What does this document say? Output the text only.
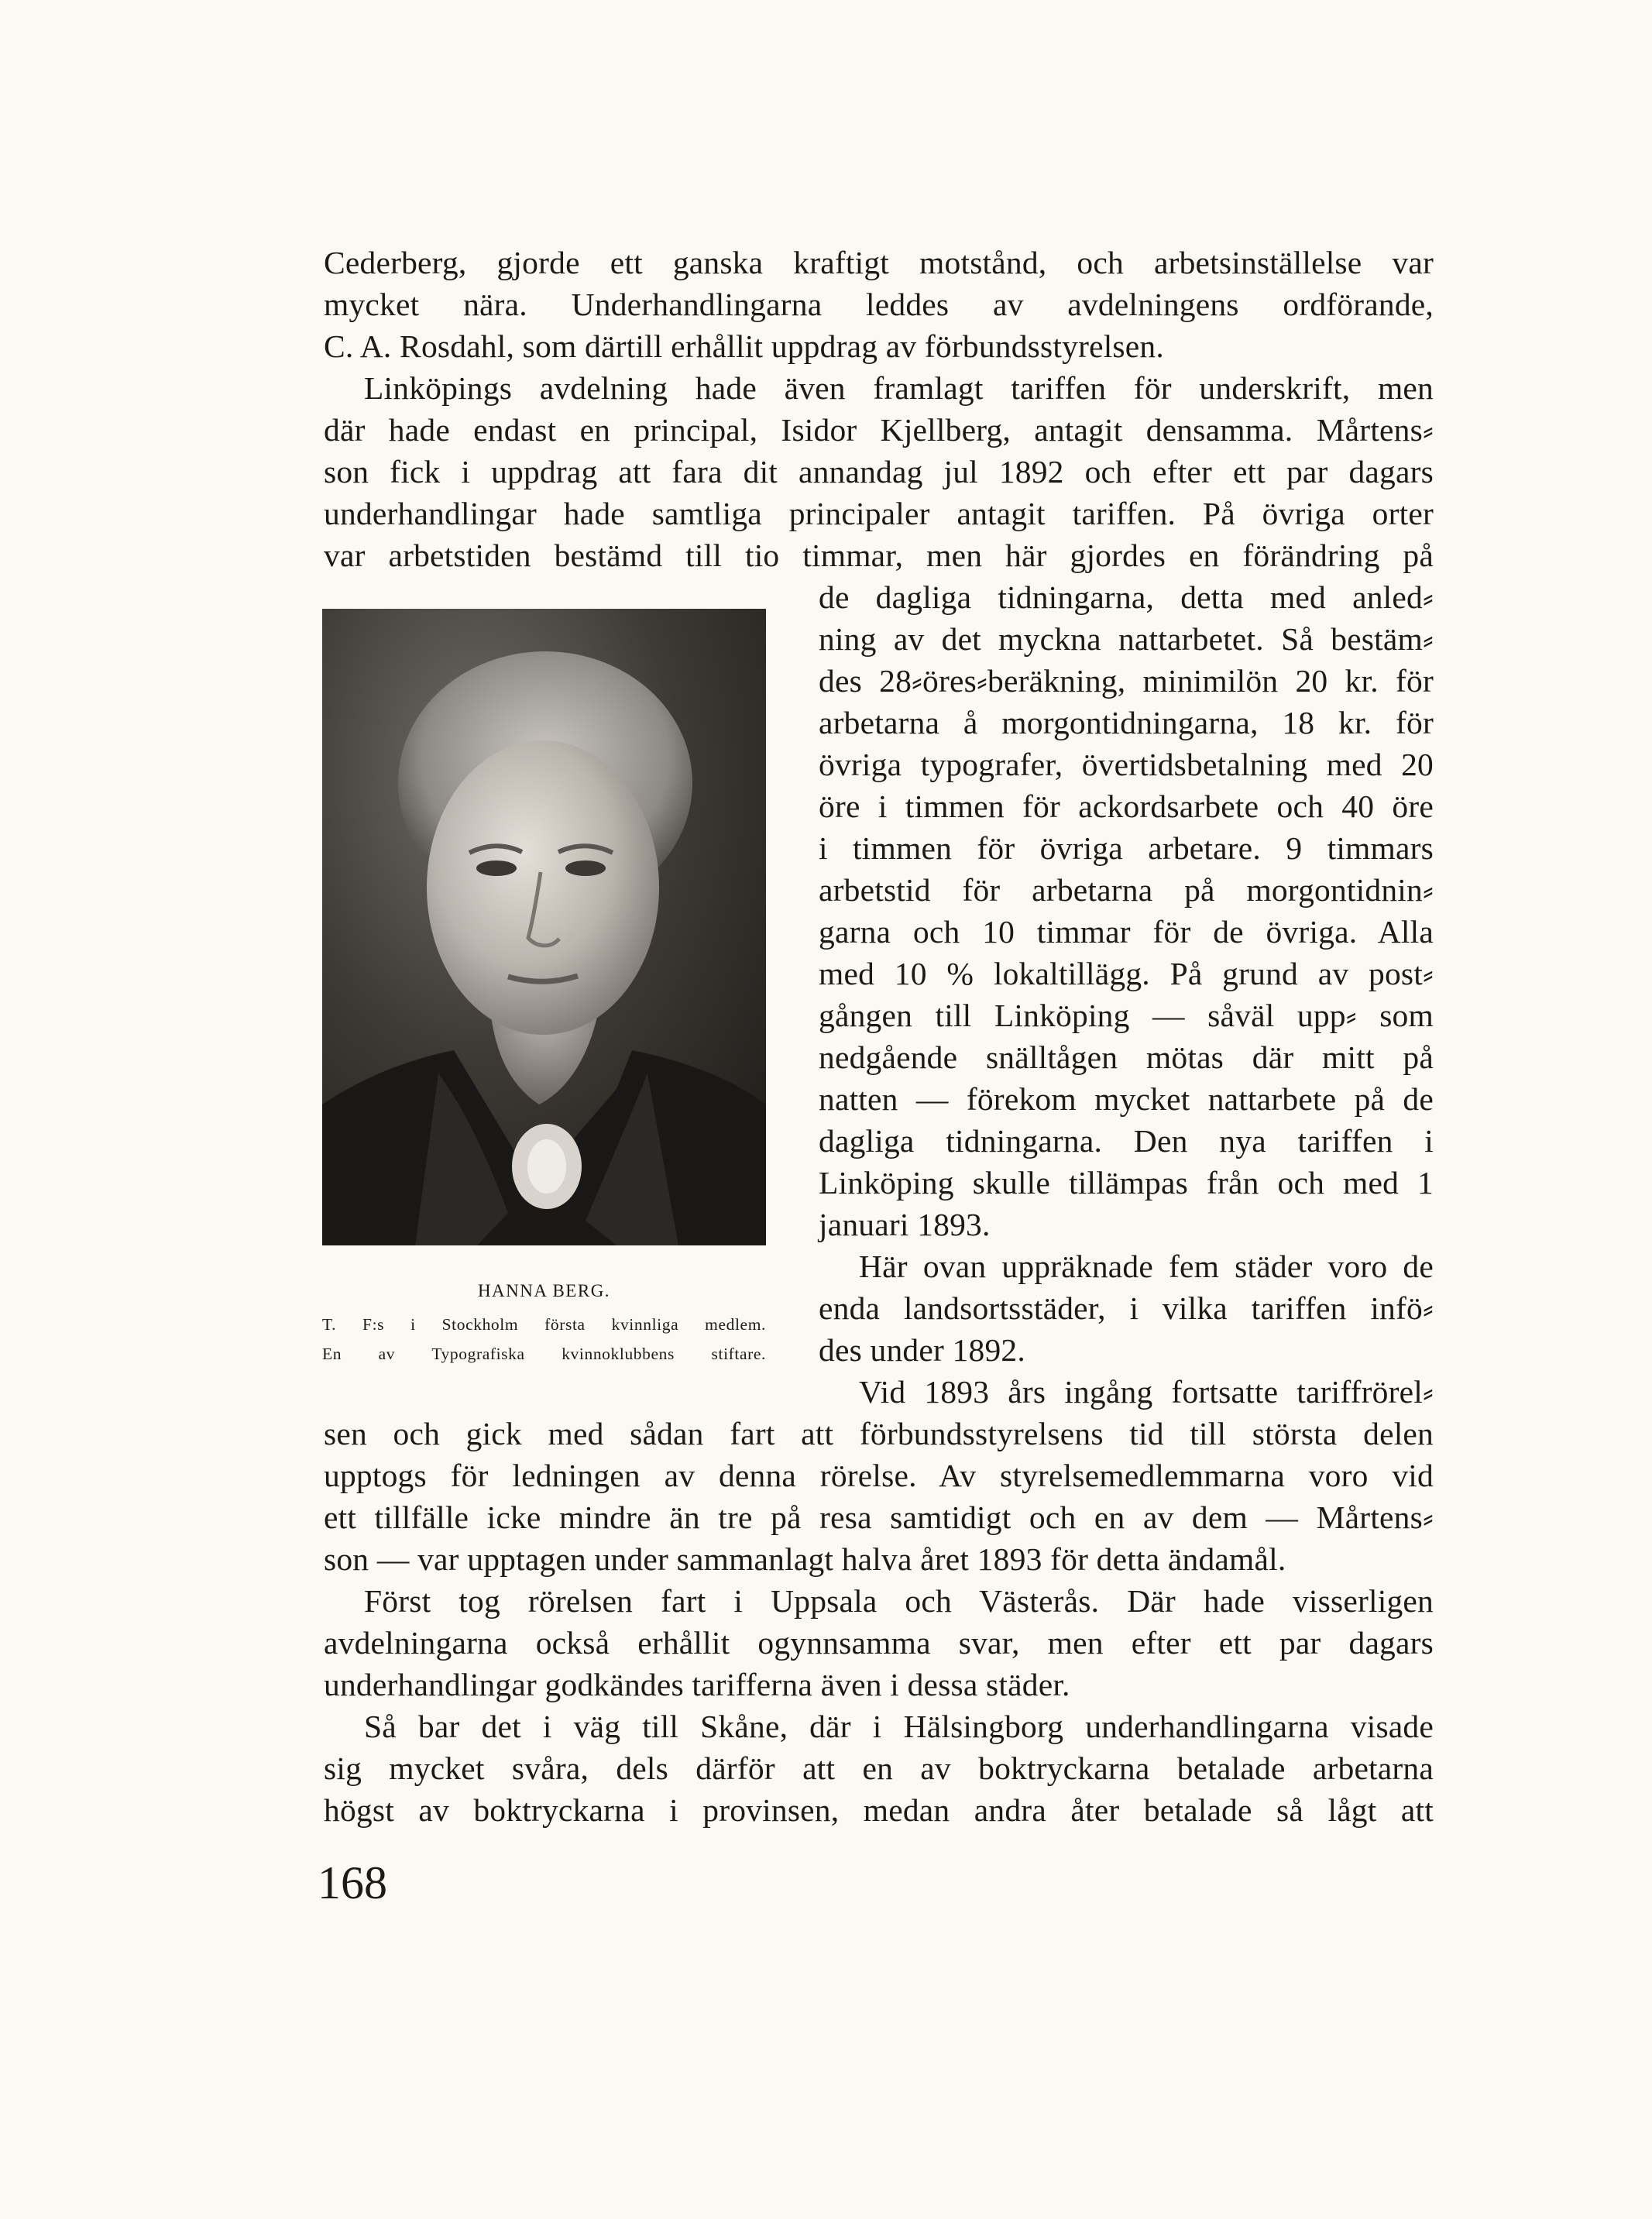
Cederberg, gjorde ett ganska kraftigt motstånd, och arbetsinställelse var
mycket nära. Underhandlingarna leddes av avdelningens ordförande,
C. A. Rosdahl, som därtill erhållit uppdrag av förbundsstyrelsen.
Linköpings avdelning hade även framlagt tariffen för underskrift, men
där hade endast en principal, Isidor Kjellberg, antagit densamma. Mårtens⸗
son fick i uppdrag att fara dit annandag jul 1892 och efter ett par dagars
underhandlingar hade samtliga principaler antagit tariffen. På övriga orter
var arbetstiden bestämd till tio timmar, men här gjordes en förändring på
HANNA BERG.
T. F:s i Stockholm första kvinnliga medlem.
En av Typografiska kvinnoklubbens stiftare.
de dagliga tidningarna, detta med anled⸗
ning av det myckna nattarbetet. Så bestäm⸗
des 28⸗öres⸗beräkning, minimilön 20 kr. för
arbetarna å morgontidningarna, 18 kr. för
övriga typografer, övertidsbetalning med 20
öre i timmen för ackordsarbete och 40 öre
i timmen för övriga arbetare. 9 timmars
arbetstid för arbetarna på morgontidnin⸗
garna och 10 timmar för de övriga. Alla
med 10 % lokaltillägg. På grund av post⸗
gången till Linköping — såväl upp⸗ som
nedgående snälltågen mötas där mitt på
natten — förekom mycket nattarbete på de
dagliga tidningarna. Den nya tariffen i
Linköping skulle tillämpas från och med 1
januari 1893.
Här ovan uppräknade fem städer voro de
enda landsortsstäder, i vilka tariffen infö⸗
des under 1892.
Vid 1893 års ingång fortsatte tariffrörel⸗
sen och gick med sådan fart att förbundsstyrelsens tid till största delen
upptogs för ledningen av denna rörelse. Av styrelsemedlemmarna voro vid
ett tillfälle icke mindre än tre på resa samtidigt och en av dem — Mårtens⸗
son — var upptagen under sammanlagt halva året 1893 för detta ändamål.
Först tog rörelsen fart i Uppsala och Västerås. Där hade visserligen
avdelningarna också erhållit ogynnsamma svar, men efter ett par dagars
underhandlingar godkändes tarifferna även i dessa städer.
Så bar det i väg till Skåne, där i Hälsingborg underhandlingarna visade
sig mycket svåra, dels därför att en av boktryckarna betalade arbetarna
högst av boktryckarna i provinsen, medan andra åter betalade så lågt att
168
